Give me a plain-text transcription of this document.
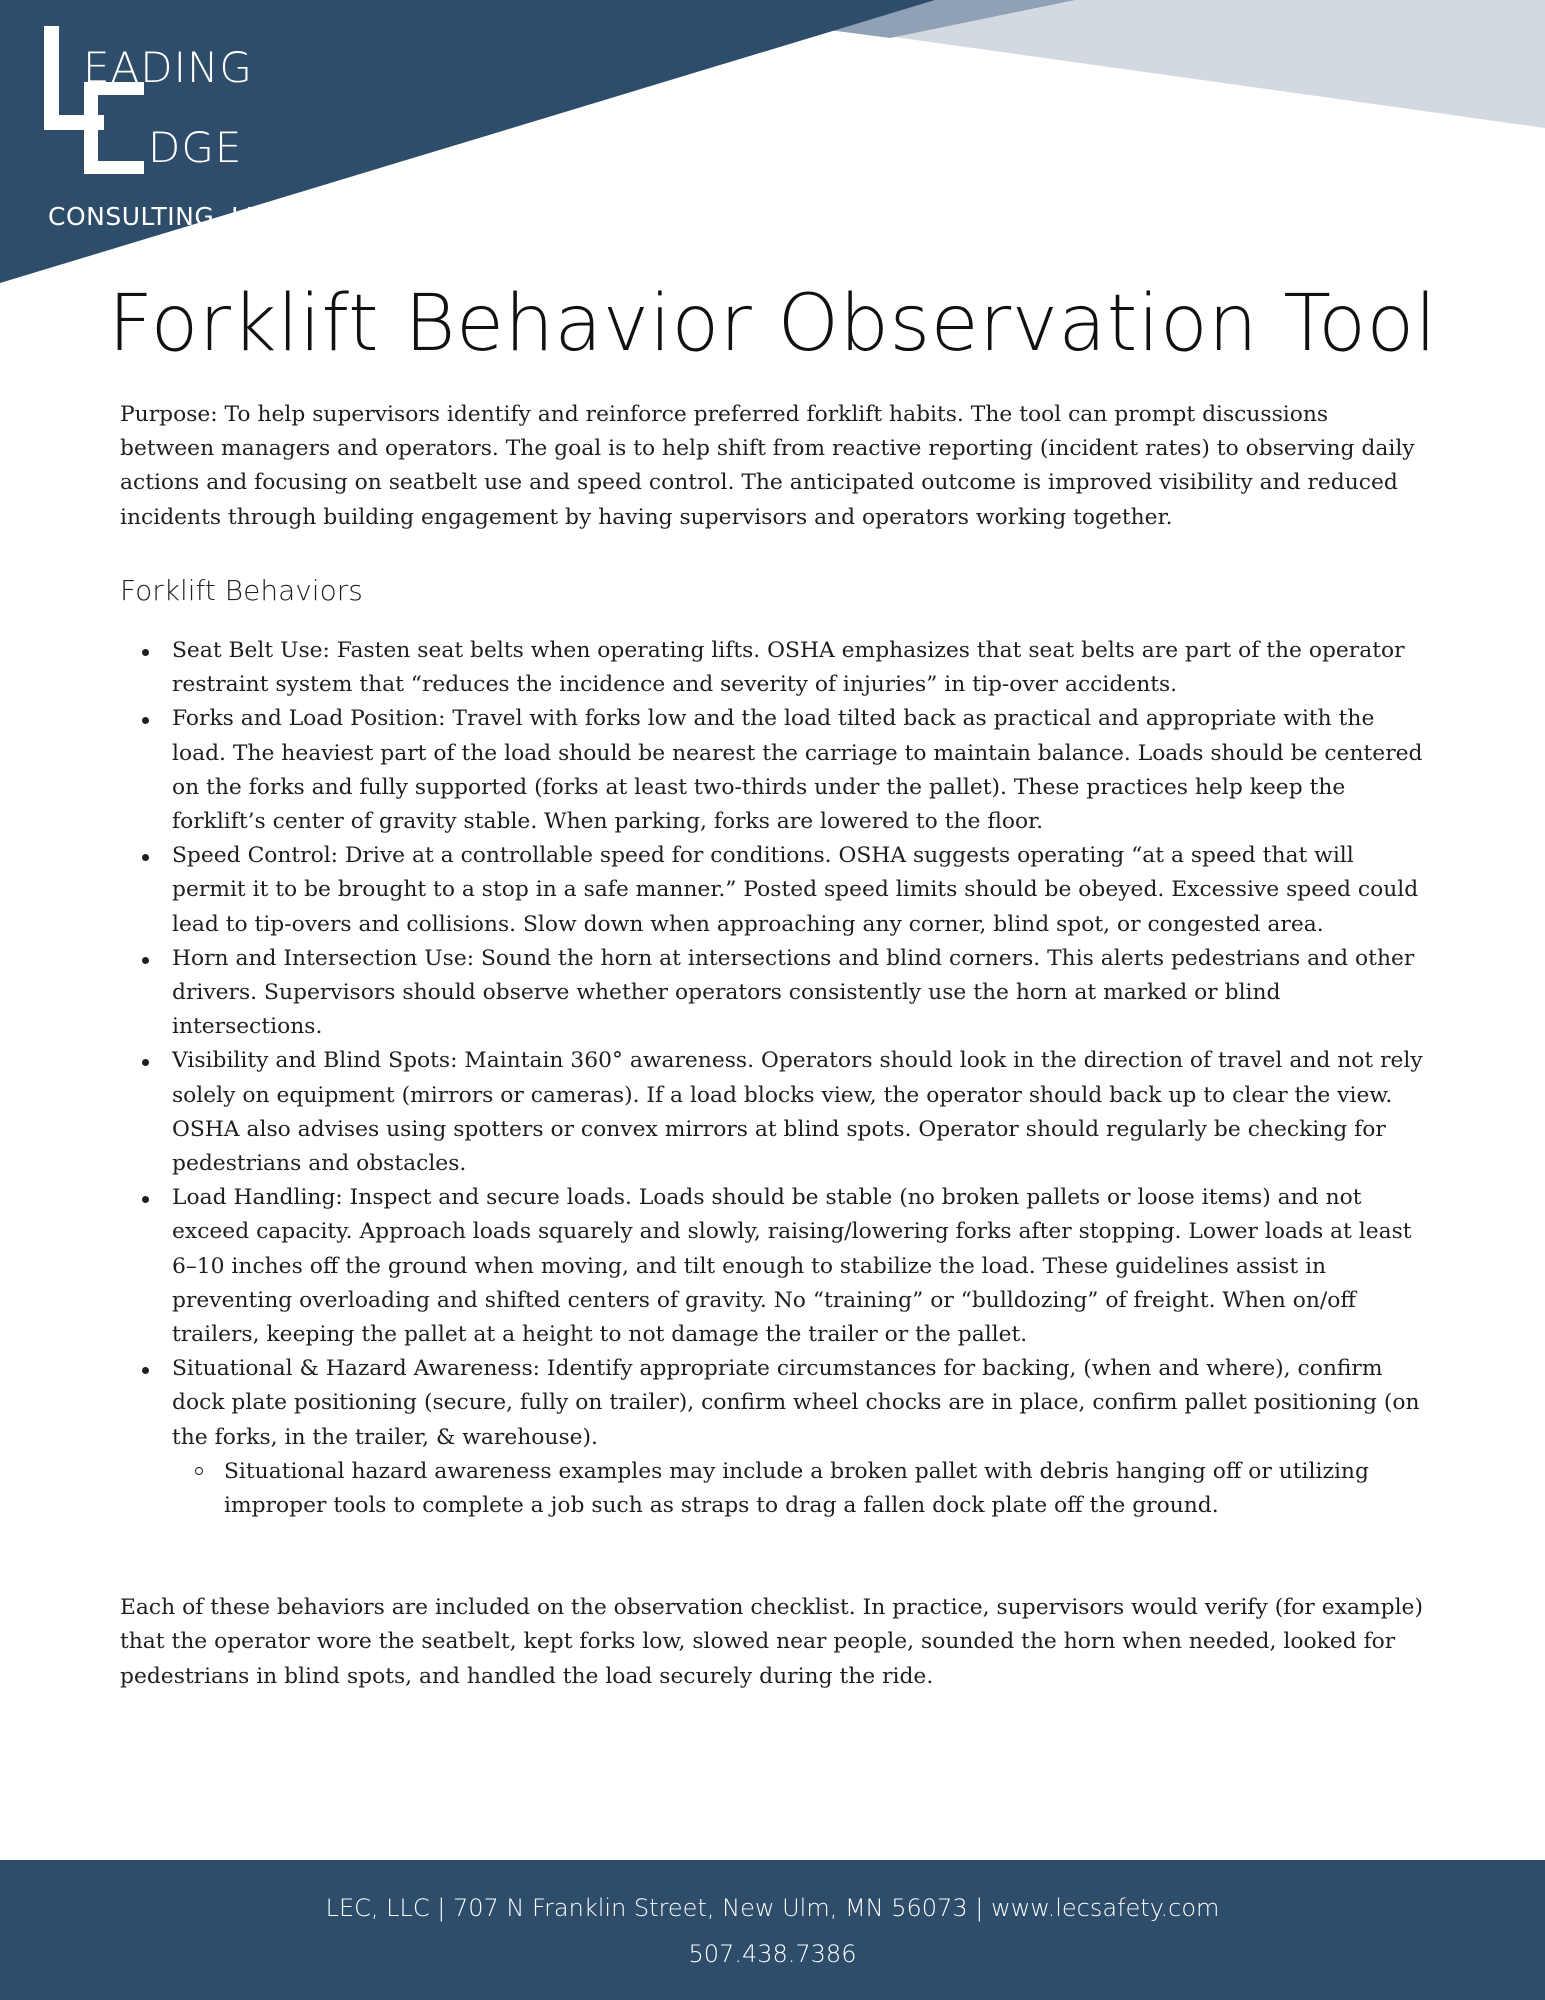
EADING
DGE
CONSULTING, LLC
Forklift Behavior Observation Tool

Purpose: To help supervisors identify and reinforce preferred forklift habits. The tool can prompt discussions between managers and operators. The goal is to help shift from reactive reporting (incident rates) to observing daily actions and focusing on seatbelt use and speed control. The anticipated outcome is improved visibility and reduced incidents through building engagement by having supervisors and operators working together.

Forklift Behaviors
Seat Belt Use: Fasten seat belts when operating lifts. OSHA emphasizes that seat belts are part of the operator restraint system that “reduces the incidence and severity of injuries” in tip-over accidents.
Forks and Load Position: Travel with forks low and the load tilted back as practical and appropriate with the load. The heaviest part of the load should be nearest the carriage to maintain balance. Loads should be centered on the forks and fully supported (forks at least two-thirds under the pallet). These practices help keep the forklift’s center of gravity stable. When parking, forks are lowered to the floor.
Speed Control: Drive at a controllable speed for conditions. OSHA suggests operating “at a speed that will permit it to be brought to a stop in a safe manner.” Posted speed limits should be obeyed. Excessive speed could lead to tip-overs and collisions. Slow down when approaching any corner, blind spot, or congested area.
Horn and Intersection Use: Sound the horn at intersections and blind corners. This alerts pedestrians and other drivers. Supervisors should observe whether operators consistently use the horn at marked or blind intersections.
Visibility and Blind Spots: Maintain 360° awareness. Operators should look in the direction of travel and not rely solely on equipment (mirrors or cameras). If a load blocks view, the operator should back up to clear the view. OSHA also advises using spotters or convex mirrors at blind spots. Operator should regularly be checking for pedestrians and obstacles.
Load Handling: Inspect and secure loads. Loads should be stable (no broken pallets or loose items) and not exceed capacity. Approach loads squarely and slowly, raising/lowering forks after stopping. Lower loads at least 6–10 inches off the ground when moving, and tilt enough to stabilize the load. These guidelines assist in preventing overloading and shifted centers of gravity. No “training” or “bulldozing” of freight. When on/off trailers, keeping the pallet at a height to not damage the trailer or the pallet.
Situational & Hazard Awareness: Identify appropriate circumstances for backing, (when and where), confirm dock plate positioning (secure, fully on trailer), confirm wheel chocks are in place, confirm pallet positioning (on the forks, in the trailer, & warehouse).
Situational hazard awareness examples may include a broken pallet with debris hanging off or utilizing improper tools to complete a job such as straps to drag a fallen dock plate off the ground.

Each of these behaviors are included on the observation checklist. In practice, supervisors would verify (for example) that the operator wore the seatbelt, kept forks low, slowed near people, sounded the horn when needed, looked for pedestrians in blind spots, and handled the load securely during the ride.

LEC, LLC | 707 N Franklin Street, New Ulm, MN 56073 | www.lecsafety.com
507.438.7386
